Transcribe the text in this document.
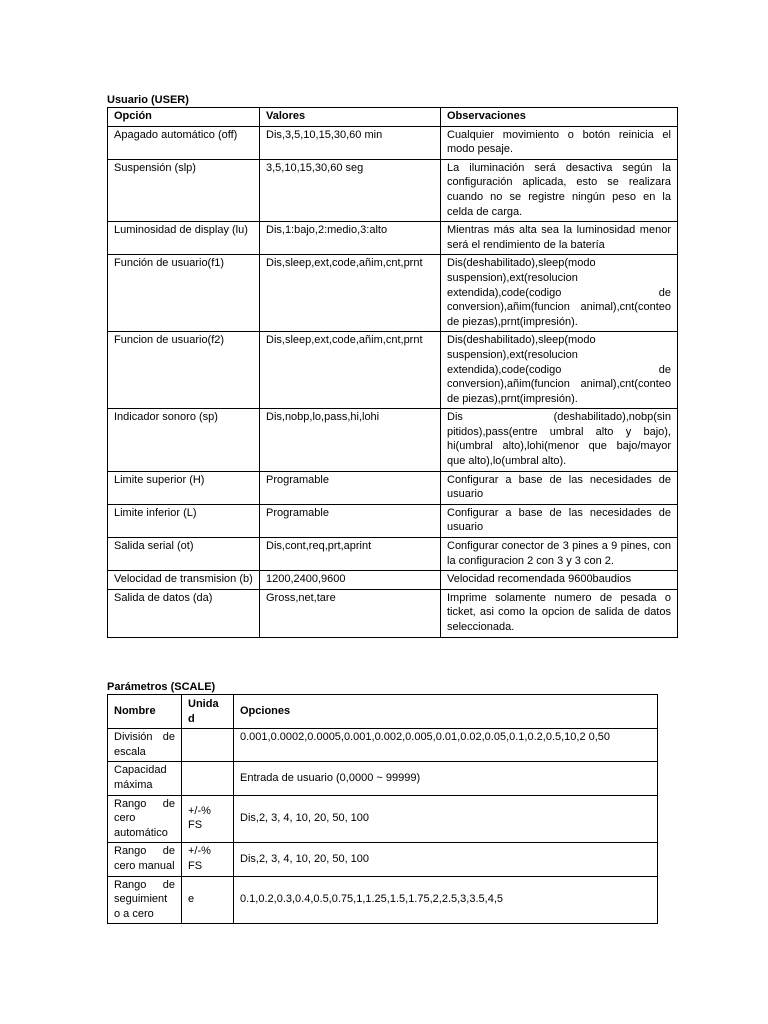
Usuario (USER)
Opción	Valores	Observaciones
Apagado automático (off)	Dis,3,5,10,15,30,60 min	Cualquier movimiento o botón reinicia el modo pesaje.
Suspensión (slp)	3,5,10,15,30,60 seg	La iluminación será desactiva según la configuración aplicada, esto se realizara cuando no se registre ningún peso en la celda de carga.
Luminosidad de display (lu)	Dis,1:bajo,2:medio,3:alto	Mientras más alta sea la luminosidad menor será el rendimiento de la batería
Función de usuario(f1)	Dis,sleep,ext,code,añim,cnt,prnt	Dis(deshabilitado),sleep(modo suspension),ext(resolucion extendida),code(codigo de conversion),añim(funcion animal),cnt(conteo de piezas),prnt(impresión).
Funcion de usuario(f2)	Dis,sleep,ext,code,añim,cnt,prnt	Dis(deshabilitado),sleep(modo suspension),ext(resolucion extendida),code(codigo de conversion),añim(funcion animal),cnt(conteo de piezas),prnt(impresión).
Indicador sonoro (sp)	Dis,nobp,lo,pass,hi,lohi	Dis (deshabilitado),nobp(sin pitidos),pass(entre umbral alto y bajo), hi(umbral alto),lohi(menor que bajo/mayor que alto),lo(umbral alto).
Limite superior (H)	Programable	Configurar a base de las necesidades de usuario
Limite inferior (L)	Programable	Configurar a base de las necesidades de usuario
Salida serial (ot)	Dis,cont,req,prt,aprint	Configurar conector de 3 pines a 9 pines, con la configuracion 2 con 3 y 3 con 2.
Velocidad de transmision (b)	1200,2400,9600	Velocidad recomendada 9600baudios
Salida de datos (da)	Gross,net,tare	Imprime solamente numero de pesada o ticket, asi como la opcion de salida de datos seleccionada.
Parámetros (SCALE)
Nombre	Unida d	Opciones
División de escala		0.001,0.0002,0.0005,0.001,0.002,0.005,0.01,0.02,0.05,0.1,0.2,0.5,10,2 0,50
Capacidad máxima		Entrada de usuario (0,0000 ~ 99999)
Rango de cero automático	+/-% FS	Dis,2, 3, 4, 10, 20, 50, 100
Rango de cero manual	+/-% FS	Dis,2, 3, 4, 10, 20, 50, 100
Rango de seguimient o a cero	e	0.1,0.2,0.3,0.4,0.5,0.75,1,1.25,1.5,1.75,2,2.5,3,3.5,4,5
